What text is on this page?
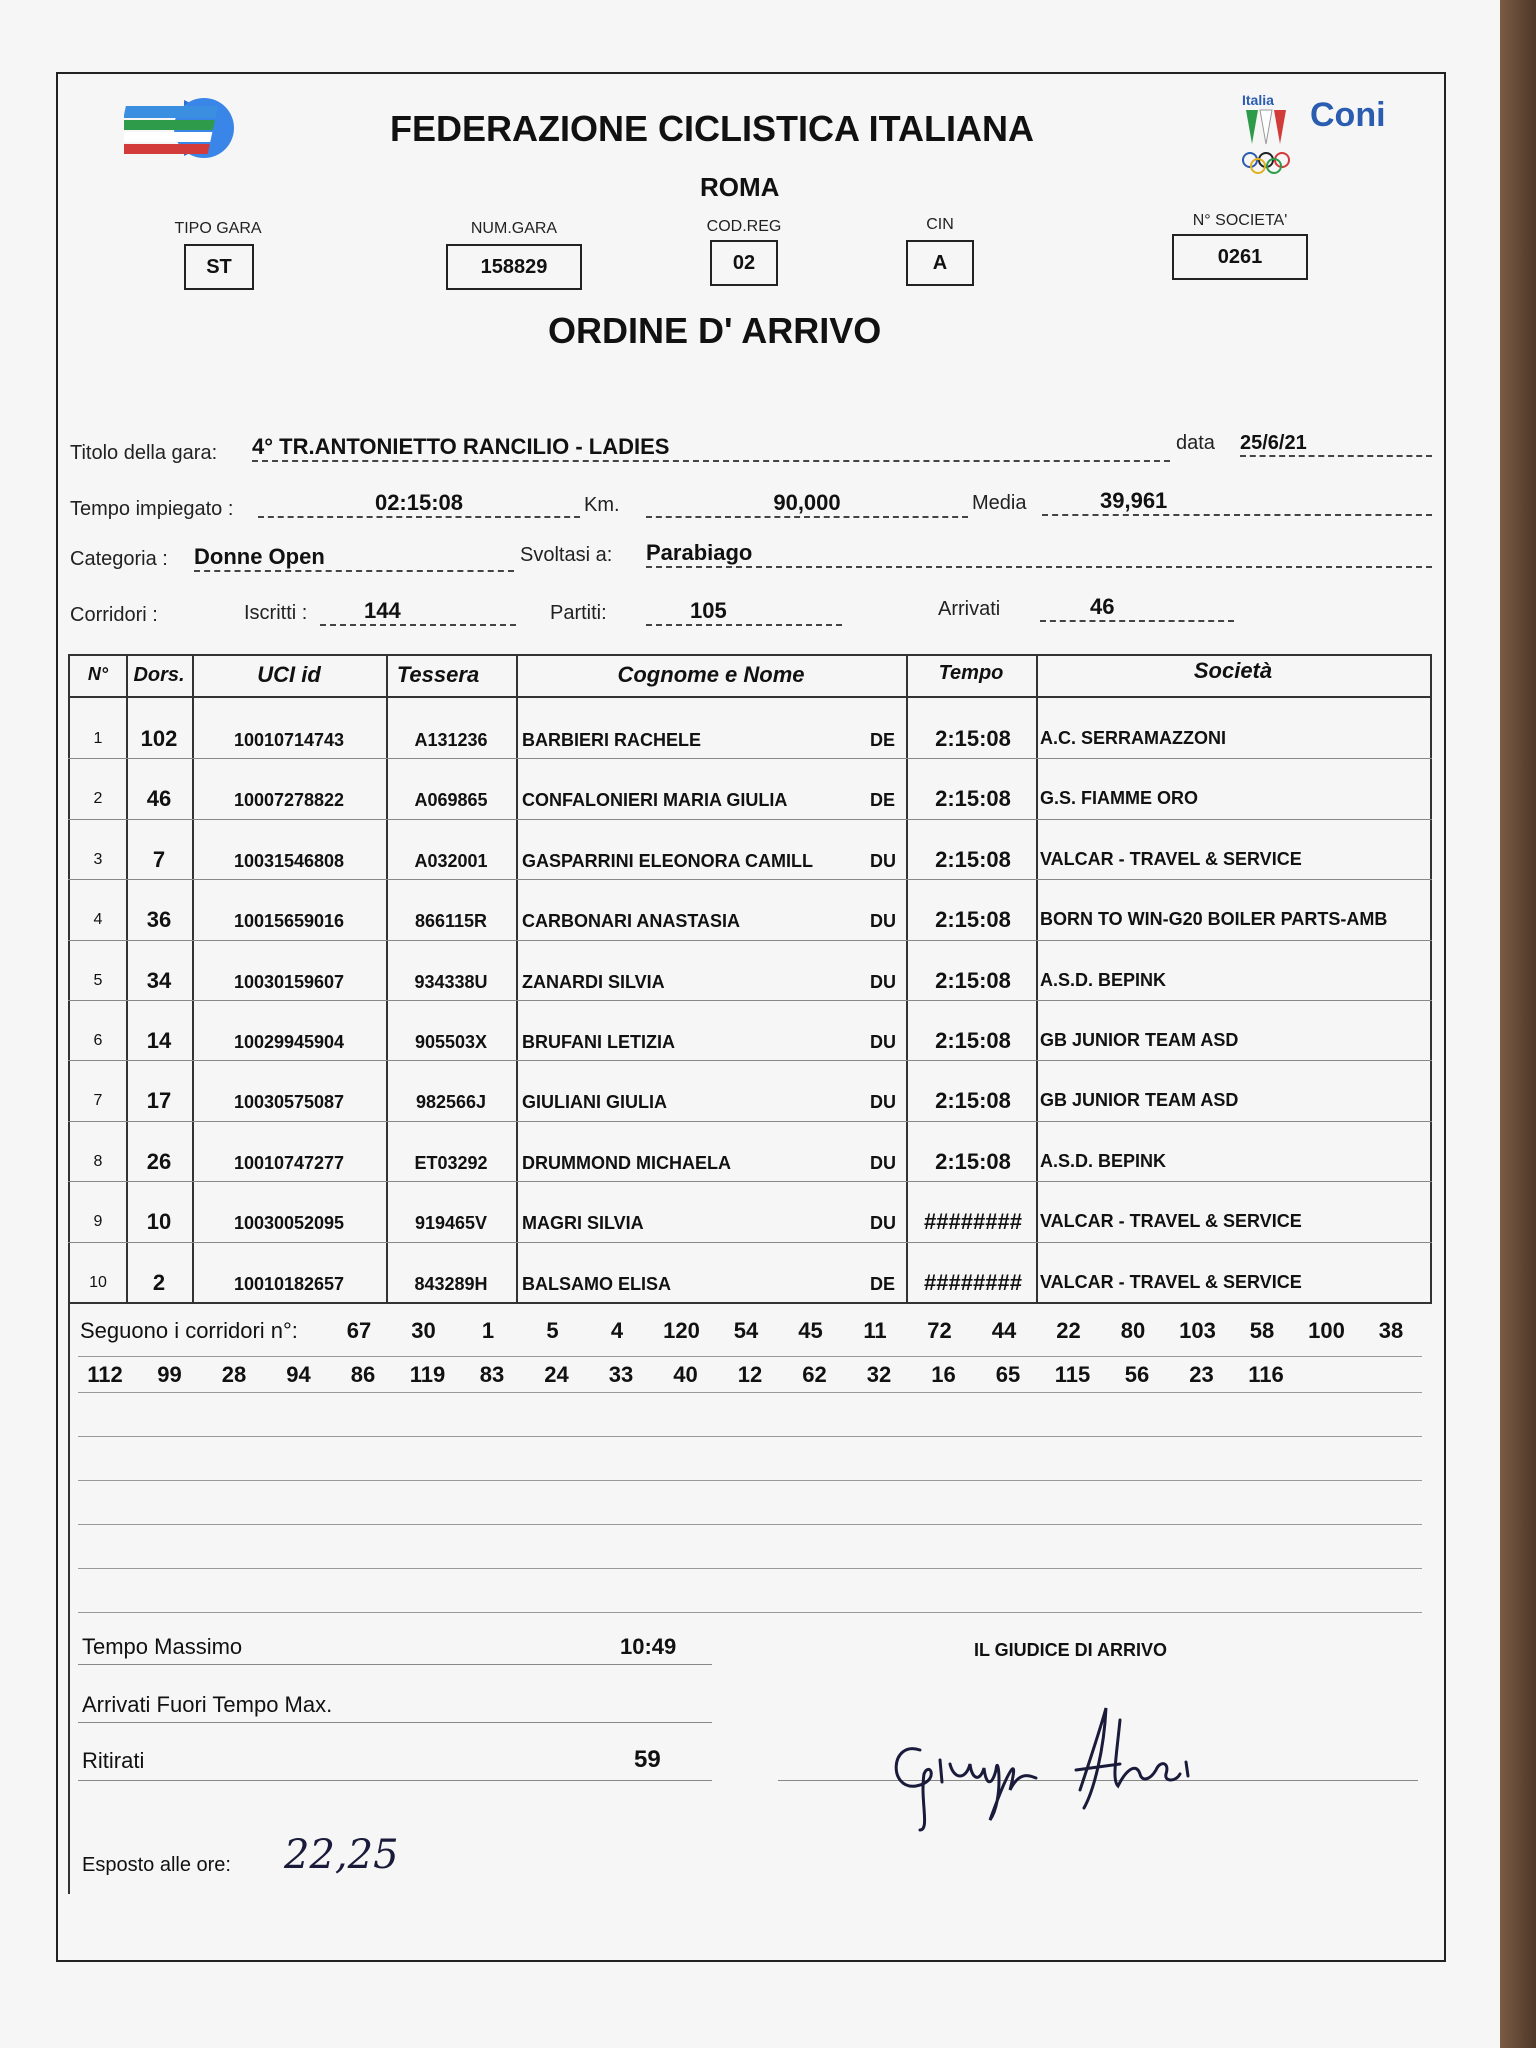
FEDERAZIONE CICLISTICA ITALIANA
ROMA
Italia Coni
TIPO GARA
ST
NUM.GARA
158829
COD.REG
02
CIN
A
N° SOCIETA'
0261
ORDINE D' ARRIVO
Titolo della gara: 4° TR.ANTONIETTO RANCILIO - LADIES	data 25/6/21
Tempo impiegato :	02:15:08	Km.	90,000	Media	39,961
Categoria : Donne Open	Svoltasi a: Parabiago
Corridori :	Iscritti :	144	Partiti:	105	Arrivati	46
N°	Dors.	UCI id	Tessera	Cognome e Nome	Tempo	Società
1	102	10010714743	A131236	BARBIERI RACHELE	DE	2:15:08	A.C. SERRAMAZZONI
2	46	10007278822	A069865	CONFALONIERI MARIA GIULIA	DE	2:15:08	G.S. FIAMME ORO
3	7	10031546808	A032001	GASPARRINI ELEONORA CAMILL	DU	2:15:08	VALCAR - TRAVEL & SERVICE
4	36	10015659016	866115R	CARBONARI ANASTASIA	DU	2:15:08	BORN TO WIN-G20 BOILER PARTS-AMB
5	34	10030159607	934338U	ZANARDI SILVIA	DU	2:15:08	A.S.D. BEPINK
6	14	10029945904	905503X	BRUFANI LETIZIA	DU	2:15:08	GB JUNIOR TEAM ASD
7	17	10030575087	982566J	GIULIANI GIULIA	DU	2:15:08	GB JUNIOR TEAM ASD
8	26	10010747277	ET03292	DRUMMOND MICHAELA	DU	2:15:08	A.S.D. BEPINK
9	10	10030052095	919465V	MAGRI SILVIA	DU	########	VALCAR - TRAVEL & SERVICE
10	2	10010182657	843289H	BALSAMO ELISA	DE	########	VALCAR - TRAVEL & SERVICE
Seguono i corridori n°:	67	30	1	5	4	120	54	45	11	72	44	22	80	103	58	100	38
112	99	28	94	86	119	83	24	33	40	12	62	32	16	65	115	56	23	116
Tempo Massimo	10:49
Arrivati Fuori Tempo Max.
Ritirati	59
IL GIUDICE DI ARRIVO
Esposto alle ore: 22,25
